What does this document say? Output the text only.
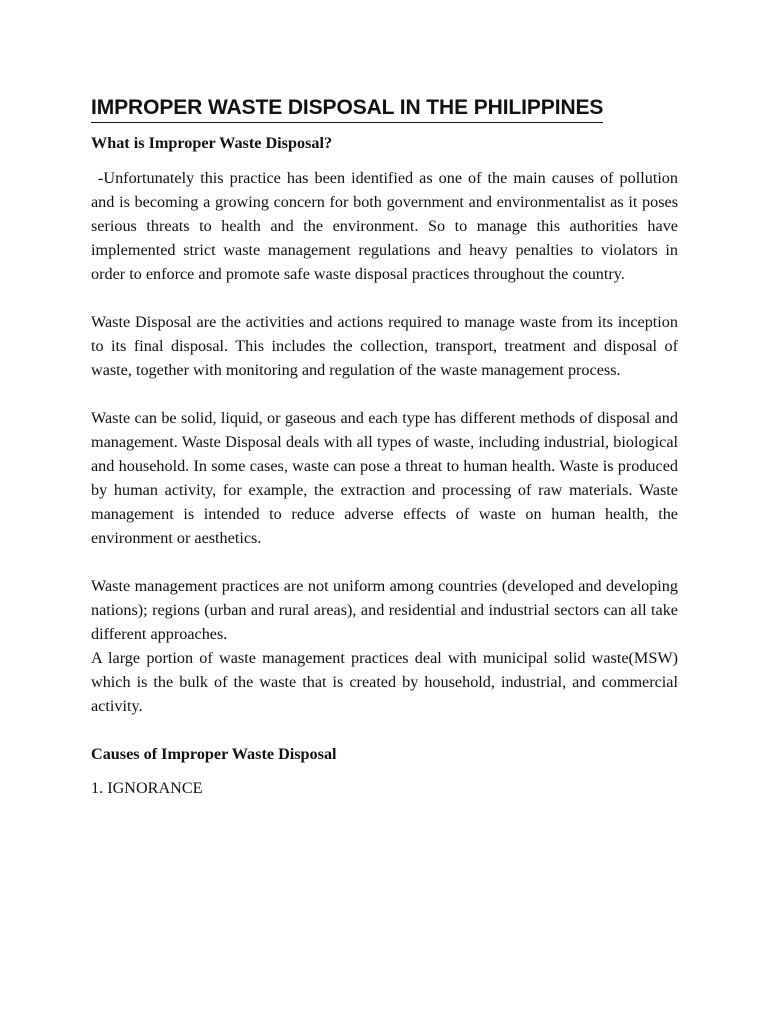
IMPROPER WASTE DISPOSAL IN THE PHILIPPINES
What is Improper Waste Disposal?

-Unfortunately this practice has been identified as one of the main causes of pollution and is becoming a growing concern for both government and environmentalist as it poses serious threats to health and the environment. So to manage this authorities have implemented strict waste management regulations and heavy penalties to violators in order to enforce and promote safe waste disposal practices throughout the country.

Waste Disposal are the activities and actions required to manage waste from its inception to its final disposal. This includes the collection, transport, treatment and disposal of waste, together with monitoring and regulation of the waste management process.

Waste can be solid, liquid, or gaseous and each type has different methods of disposal and management. Waste Disposal deals with all types of waste, including industrial, biological and household. In some cases, waste can pose a threat to human health. Waste is produced by human activity, for example, the extraction and processing of raw materials. Waste management is intended to reduce adverse effects of waste on human health, the environment or aesthetics.

Waste management practices are not uniform among countries (developed and developing nations); regions (urban and rural areas), and residential and industrial sectors can all take different approaches.

A large portion of waste management practices deal with municipal solid waste(MSW) which is the bulk of the waste that is created by household, industrial, and commercial activity.

Causes of Improper Waste Disposal

1. IGNORANCE
